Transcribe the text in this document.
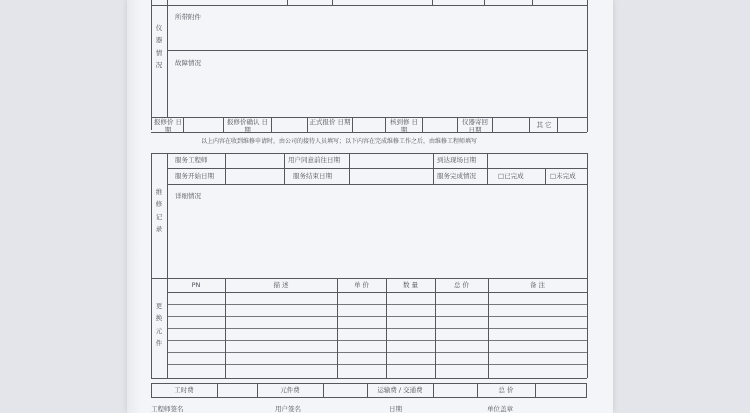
所带附件
故障情况
仪
器
情
况
报修价 日期
报修价确认 日期
正式报价 日期	核到修 日期
仪器寄回 日期
其 它
以上内容在收到维修申请时，由公司的接待人员填写；以下内容在完成维修工作之后，由维修工程师填写
服务工程师	用户同意前往日期	到达现场日期
服务开始日期	服务结束日期	服务完成情况	□已完成	□未完成
详细情况
维
修
记
录
PN	描 述	单 价	数 量	总 价	备 注
更
换
元
件
工时费	元件费	运输费 / 交通费	总 价
工程师签名	用户签名	日期	单位盖章
